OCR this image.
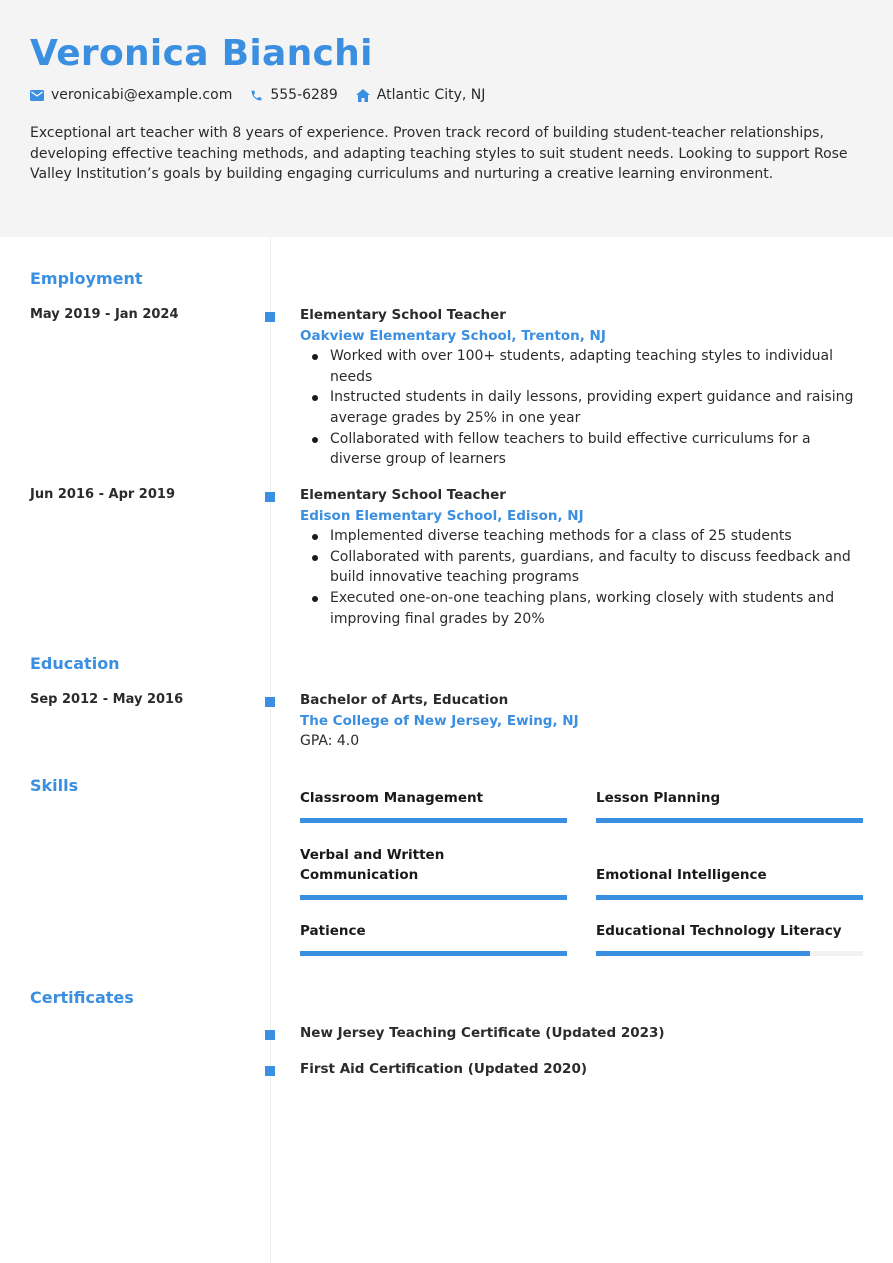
Veronica Bianchi
veronicabi@example.com	555-6289	Atlantic City, NJ

Exceptional art teacher with 8 years of experience. Proven track record of building student-teacher relationships, developing effective teaching methods, and adapting teaching styles to suit student needs. Looking to support Rose Valley Institution’s goals by building engaging curriculums and nurturing a creative learning environment.

Employment
May 2019 - Jan 2024	Elementary School Teacher
Oakview Elementary School, Trenton, NJ
Worked with over 100+ students, adapting teaching styles to individual needs
Instructed students in daily lessons, providing expert guidance and raising average grades by 25% in one year
Collaborated with fellow teachers to build effective curriculums for a diverse group of learners
Jun 2016 - Apr 2019	Elementary School Teacher
Edison Elementary School, Edison, NJ
Implemented diverse teaching methods for a class of 25 students
Collaborated with parents, guardians, and faculty to discuss feedback and build innovative teaching programs
Executed one-on-one teaching plans, working closely with students and improving final grades by 20%
Education
Sep 2012 - May 2016	Bachelor of Arts, Education
The College of New Jersey, Ewing, NJ
GPA: 4.0
Skills
Classroom Management	Lesson Planning
Verbal and Written Communication	Emotional Intelligence
Patience	Educational Technology Literacy
Certificates
New Jersey Teaching Certificate (Updated 2023)
First Aid Certification (Updated 2020)
